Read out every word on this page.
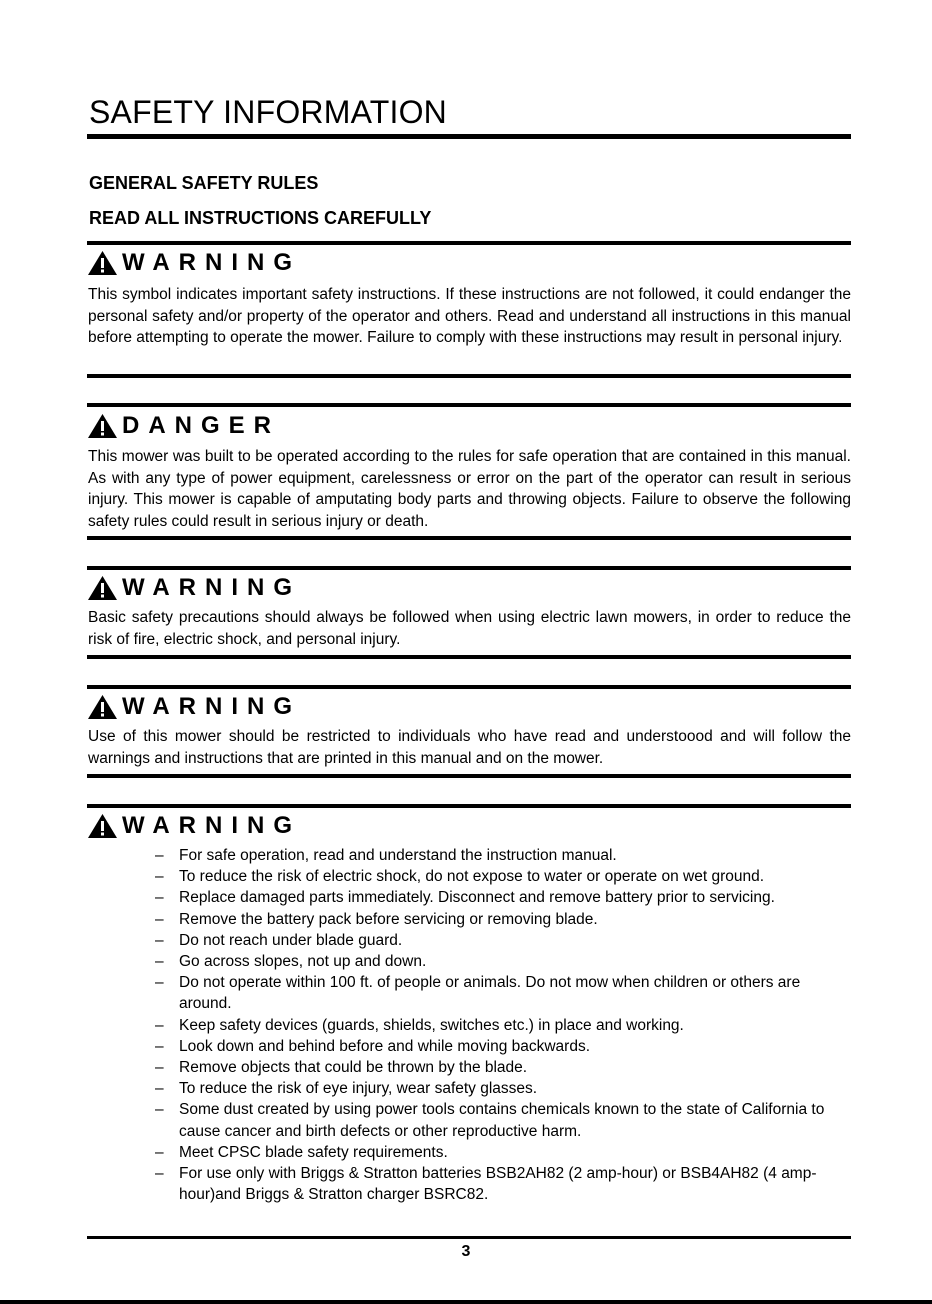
SAFETY INFORMATION
GENERAL SAFETY RULES
READ ALL INSTRUCTIONS CAREFULLY
WARNING

This symbol indicates important safety instructions. If these instructions are not followed, it could endanger the personal safety and/or property of the operator and others. Read and understand all instructions in this manual before attempting to operate the mower. Failure to comply with these instructions may result in personal injury.

DANGER

This mower was built to be operated according to the rules for safe operation that are contained in this manual. As with any type of power equipment, carelessness or error on the part of the operator can result in serious injury. This mower is capable of amputating body parts and throwing objects. Failure to observe the following safety rules could result in serious injury or death.

WARNING

Basic safety precautions should always be followed when using electric lawn mowers, in order to reduce the risk of fire, electric shock, and personal injury.

WARNING

Use of this mower should be restricted to individuals who have read and understoood and will follow the warnings and instructions that are printed in this manual and on the mower.

WARNING
– For safe operation, read and understand the instruction manual.
– To reduce the risk of electric shock, do not expose to water or operate on wet ground.
– Replace damaged parts immediately. Disconnect and remove battery prior to servicing.
– Remove the battery pack before servicing or removing blade.
– Do not reach under blade guard.
– Go across slopes, not up and down.
– Do not operate within 100 ft. of people or animals. Do not mow when children or others are around.
– Keep safety devices (guards, shields, switches etc.) in place and working.
– Look down and behind before and while moving backwards.
– Remove objects that could be thrown by the blade.
– To reduce the risk of eye injury, wear safety glasses.
– Some dust created by using power tools contains chemicals known to the state of California to cause cancer and birth defects or other reproductive harm.
– Meet CPSC blade safety requirements.
– For use only with Briggs & Stratton batteries BSB2AH82 (2 amp-hour) or BSB4AH82 (4 amp-hour)and Briggs & Stratton charger BSRC82.
3
